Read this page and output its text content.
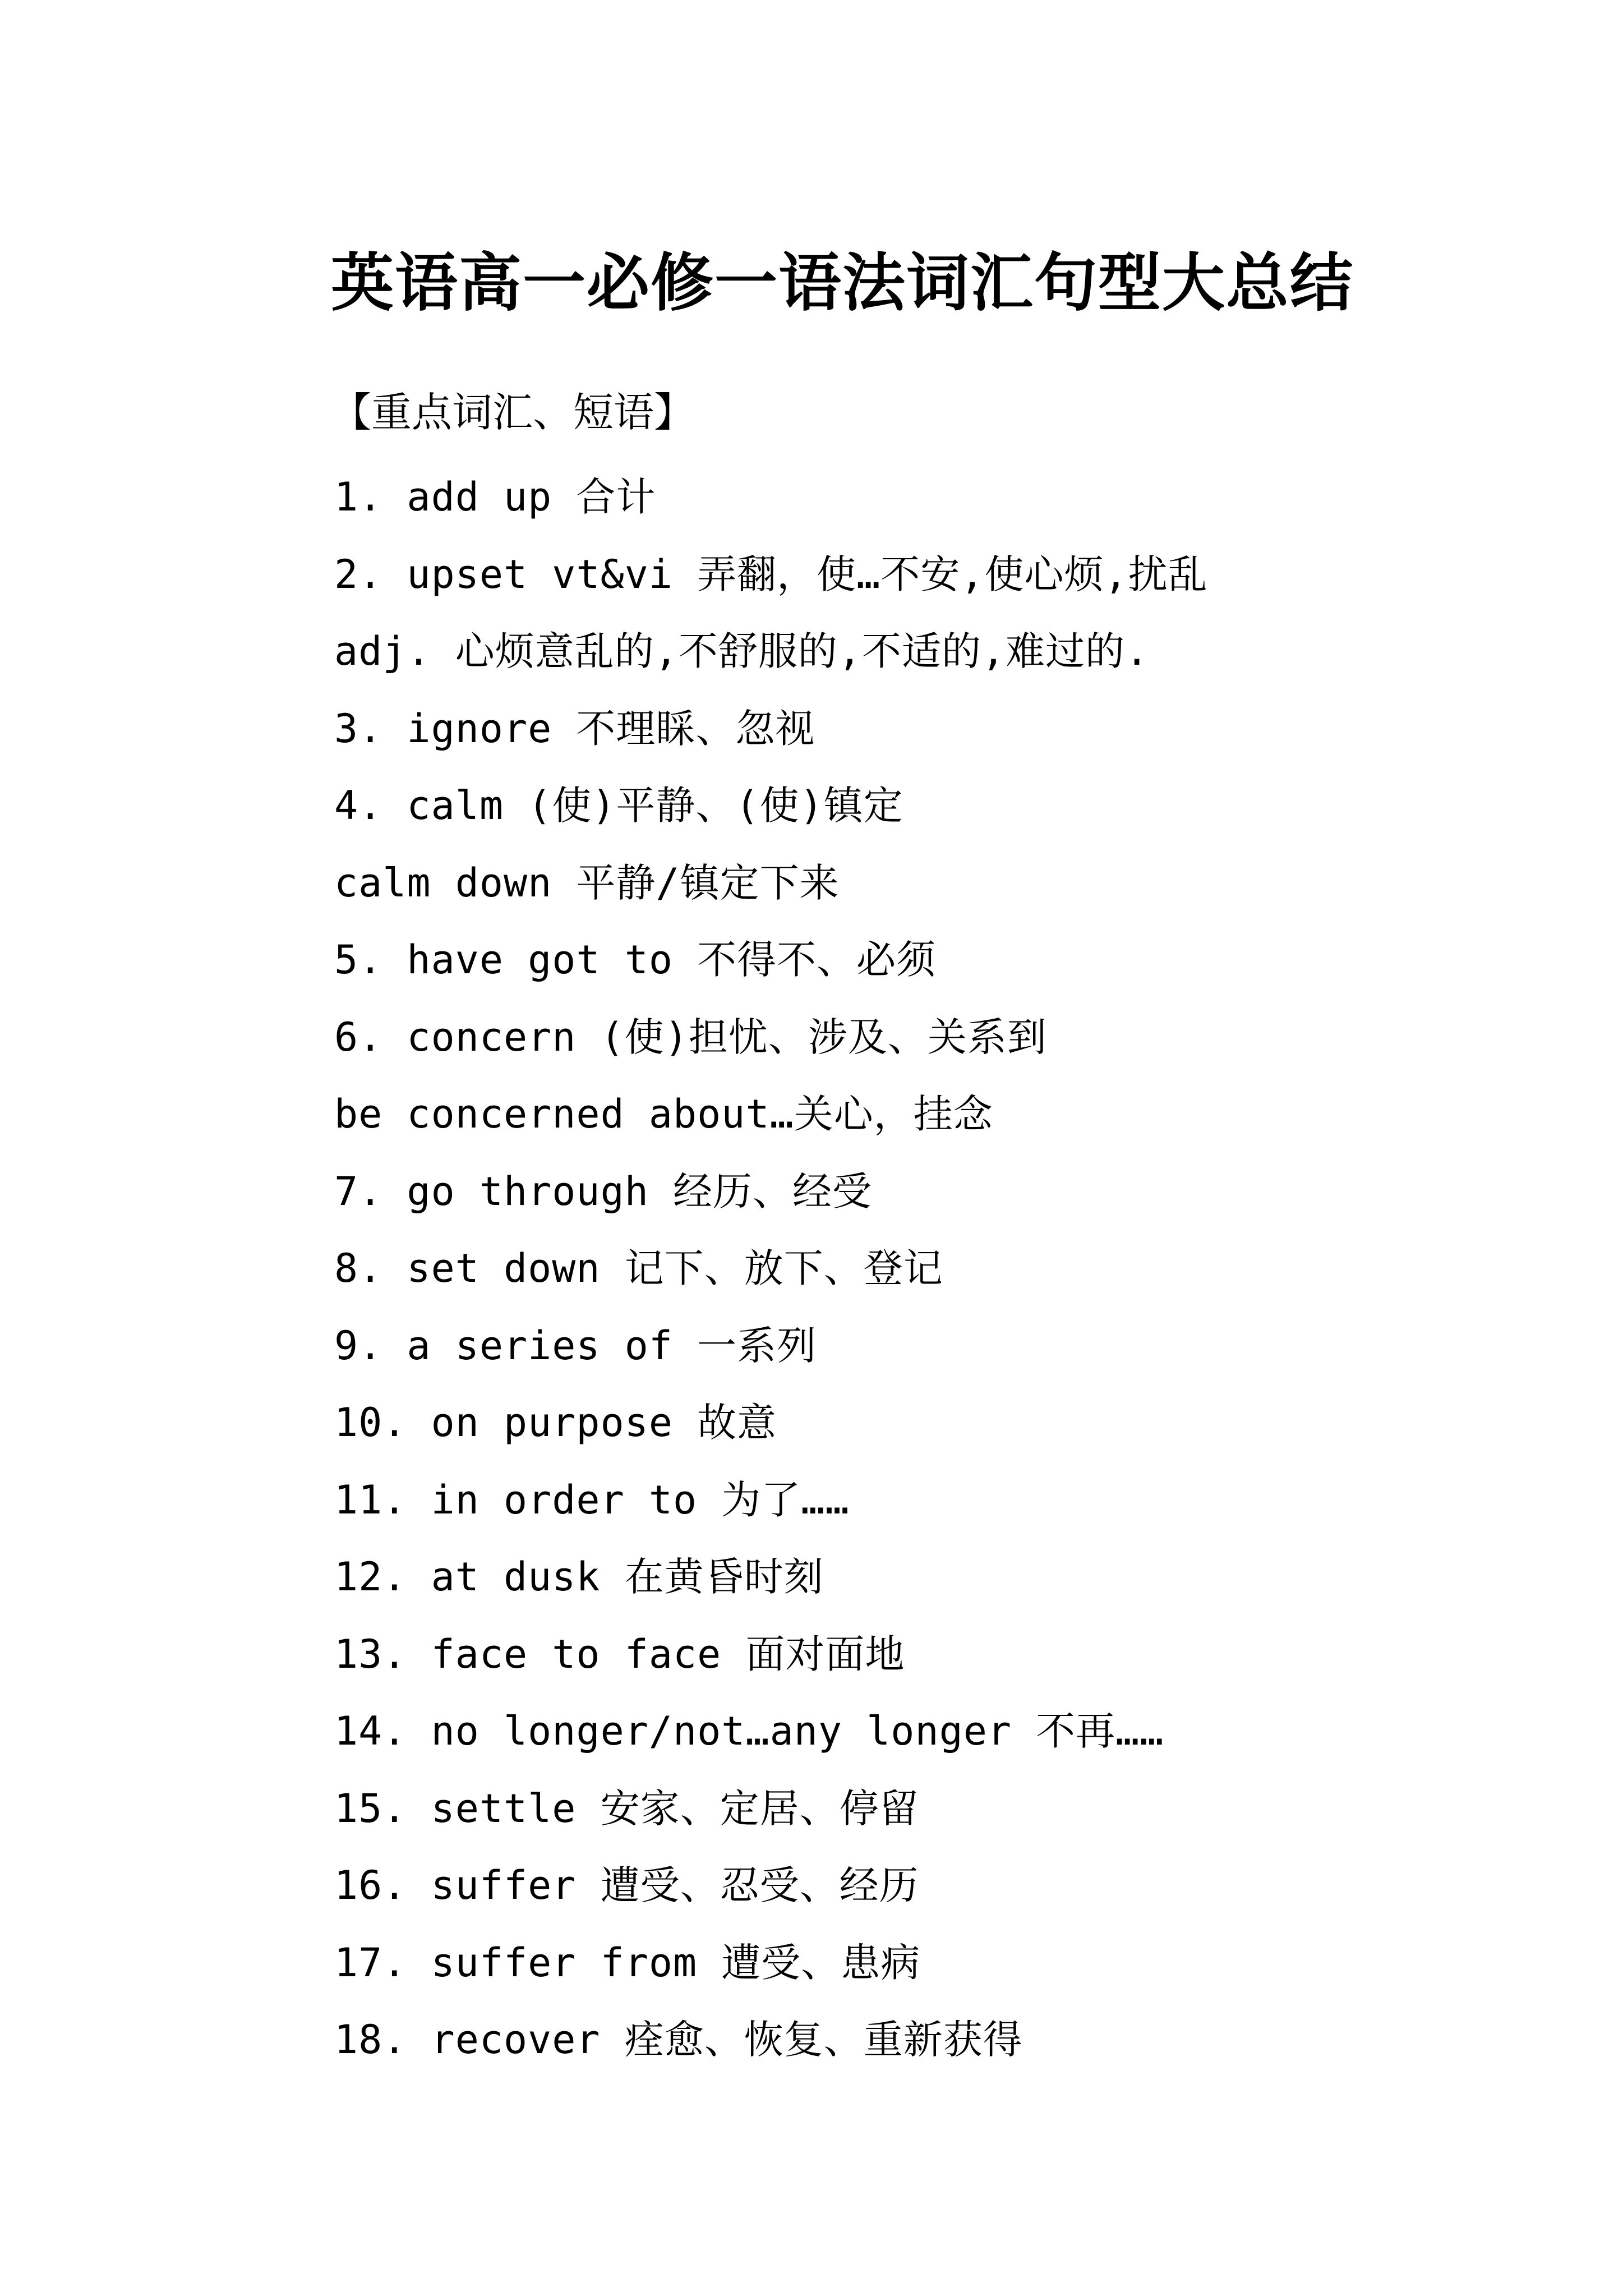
英语高一必修一语法词汇句型大总结
【重点词汇、短语】
1. add up 合计
2. upset vt&vi 弄翻，使…不安,使心烦,扰乱
adj. 心烦意乱的,不舒服的,不适的,难过的.
3. ignore 不理睬、忽视
4. calm (使)平静、(使)镇定
calm down 平静/镇定下来
5. have got to 不得不、必须
6. concern (使)担忧、涉及、关系到
be concerned about…关心，挂念
7. go through 经历、经受
8. set down 记下、放下、登记
9. a series of 一系列
10. on purpose 故意
11. in order to 为了……
12. at dusk 在黄昏时刻
13. face to face 面对面地
14. no longer/not…any longer 不再……
15. settle 安家、定居、停留
16. suffer 遭受、忍受、经历
17. suffer from 遭受、患病
18. recover 痊愈、恢复、重新获得
